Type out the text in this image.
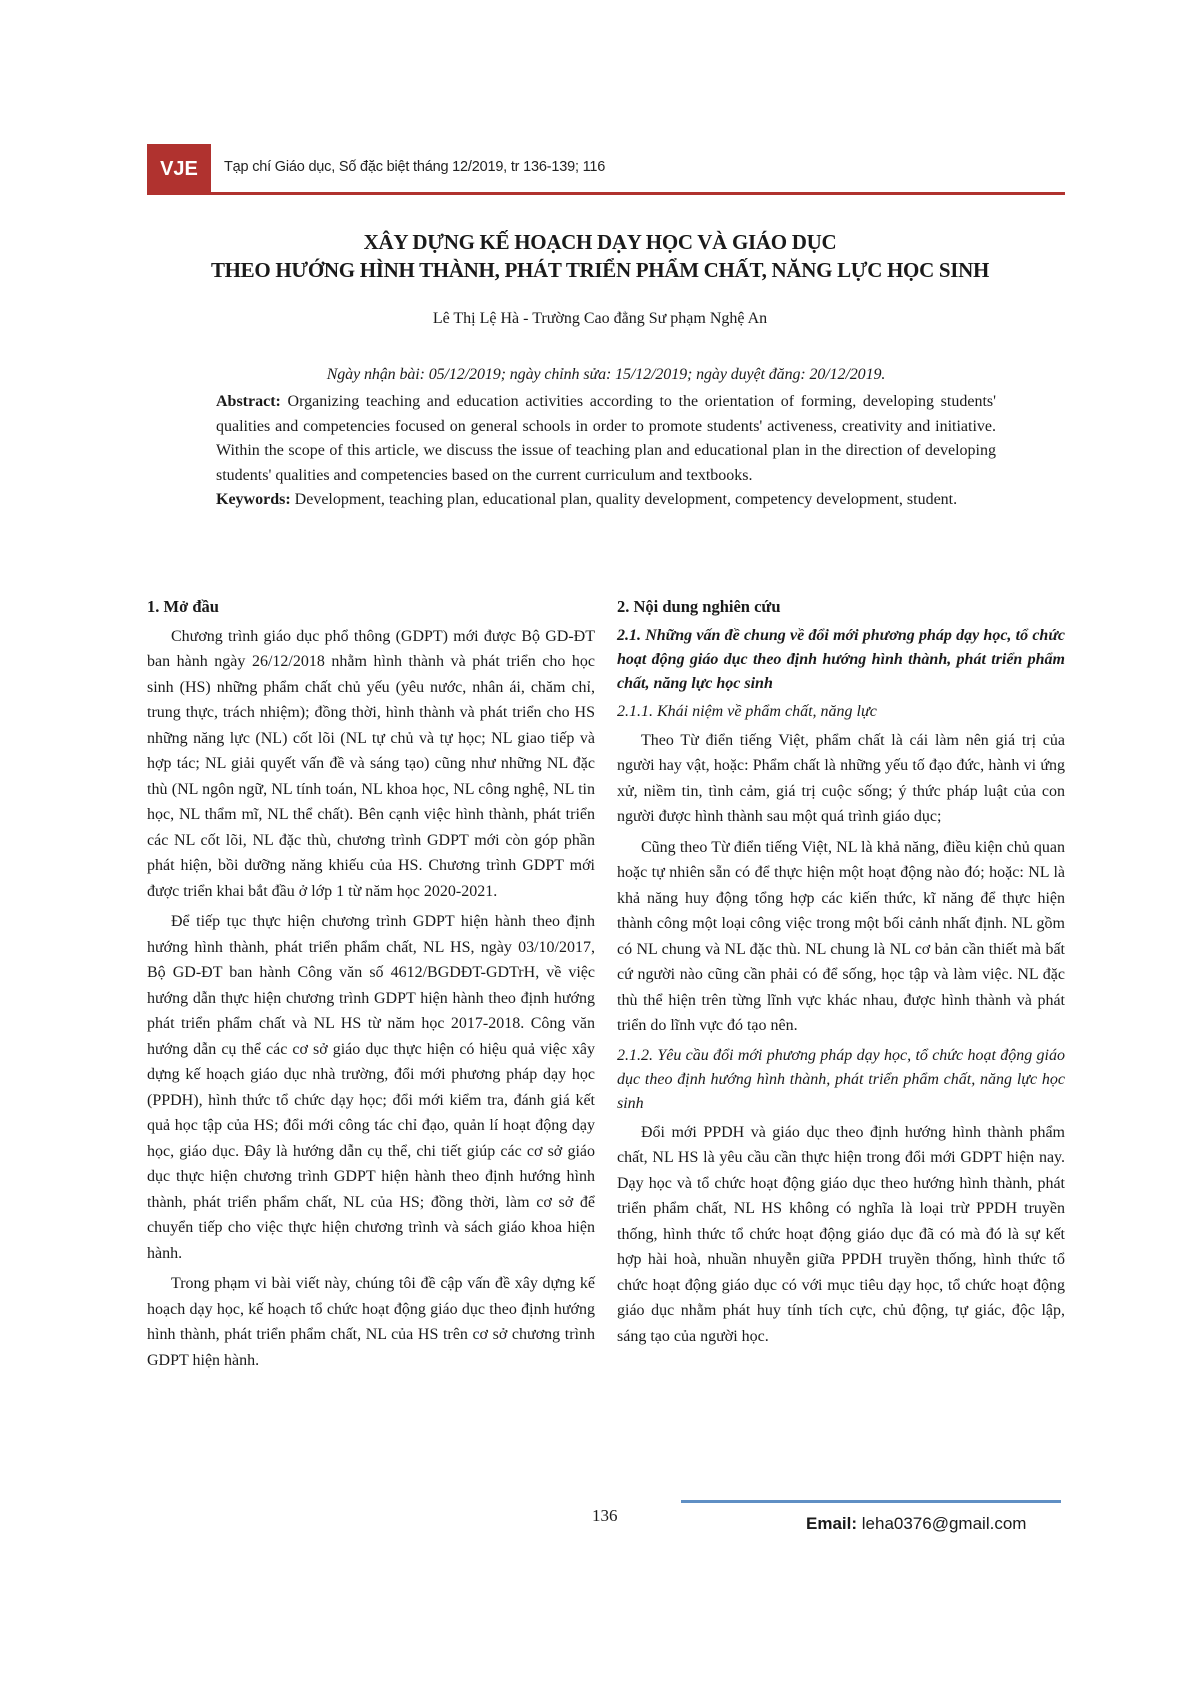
VJE Tạp chí Giáo dục, Số đặc biệt tháng 12/2019, tr 136-139; 116
XÂY DỰNG KẾ HOẠCH DẠY HỌC VÀ GIÁO DỤC
THEO HƯỚNG HÌNH THÀNH, PHÁT TRIỂN PHẨM CHẤT, NĂNG LỰC HỌC SINH
Lê Thị Lệ Hà - Trường Cao đẳng Sư phạm Nghệ An
Ngày nhận bài: 05/12/2019; ngày chỉnh sửa: 15/12/2019; ngày duyệt đăng: 20/12/2019.

Abstract: Organizing teaching and education activities according to the orientation of forming, developing students' qualities and competencies focused on general schools in order to promote students' activeness, creativity and initiative. Within the scope of this article, we discuss the issue of teaching plan and educational plan in the direction of developing students' qualities and competencies based on the current curriculum and textbooks.

Keywords: Development, teaching plan, educational plan, quality development, competency development, student.

1. Mở đầu

Chương trình giáo dục phổ thông (GDPT) mới được Bộ GD-ĐT ban hành ngày 26/12/2018 nhằm hình thành và phát triển cho học sinh (HS) những phẩm chất chủ yếu (yêu nước, nhân ái, chăm chỉ, trung thực, trách nhiệm); đồng thời, hình thành và phát triển cho HS những năng lực (NL) cốt lõi (NL tự chủ và tự học; NL giao tiếp và hợp tác; NL giải quyết vấn đề và sáng tạo) cũng như những NL đặc thù (NL ngôn ngữ, NL tính toán, NL khoa học, NL công nghệ, NL tin học, NL thẩm mĩ, NL thể chất). Bên cạnh việc hình thành, phát triển các NL cốt lõi, NL đặc thù, chương trình GDPT mới còn góp phần phát hiện, bồi dưỡng năng khiếu của HS. Chương trình GDPT mới được triển khai bắt đầu ở lớp 1 từ năm học 2020-2021.

Để tiếp tục thực hiện chương trình GDPT hiện hành theo định hướng hình thành, phát triển phẩm chất, NL HS, ngày 03/10/2017, Bộ GD-ĐT ban hành Công văn số 4612/BGDĐT-GDTrH, về việc hướng dẫn thực hiện chương trình GDPT hiện hành theo định hướng phát triển phẩm chất và NL HS từ năm học 2017-2018. Công văn hướng dẫn cụ thể các cơ sở giáo dục thực hiện có hiệu quả việc xây dựng kế hoạch giáo dục nhà trường, đổi mới phương pháp dạy học (PPDH), hình thức tổ chức dạy học; đổi mới kiểm tra, đánh giá kết quả học tập của HS; đổi mới công tác chỉ đạo, quản lí hoạt động dạy học, giáo dục. Đây là hướng dẫn cụ thể, chi tiết giúp các cơ sở giáo dục thực hiện chương trình GDPT hiện hành theo định hướng hình thành, phát triển phẩm chất, NL của HS; đồng thời, làm cơ sở để chuyển tiếp cho việc thực hiện chương trình và sách giáo khoa hiện hành.

Trong phạm vi bài viết này, chúng tôi đề cập vấn đề xây dựng kế hoạch dạy học, kế hoạch tổ chức hoạt động giáo dục theo định hướng hình thành, phát triển phẩm chất, NL của HS trên cơ sở chương trình GDPT hiện hành.

2. Nội dung nghiên cứu
2.1. Những vấn đề chung về đổi mới phương pháp dạy học, tổ chức hoạt động giáo dục theo định hướng hình thành, phát triển phẩm chất, năng lực học sinh
2.1.1. Khái niệm về phẩm chất, năng lực

Theo Từ điển tiếng Việt, phẩm chất là cái làm nên giá trị của người hay vật, hoặc: Phẩm chất là những yếu tố đạo đức, hành vi ứng xử, niềm tin, tình cảm, giá trị cuộc sống; ý thức pháp luật của con người được hình thành sau một quá trình giáo dục;

Cũng theo Từ điển tiếng Việt, NL là khả năng, điều kiện chủ quan hoặc tự nhiên sẵn có để thực hiện một hoạt động nào đó; hoặc: NL là khả năng huy động tổng hợp các kiến thức, kĩ năng để thực hiện thành công một loại công việc trong một bối cảnh nhất định. NL gồm có NL chung và NL đặc thù. NL chung là NL cơ bản cần thiết mà bất cứ người nào cũng cần phải có để sống, học tập và làm việc. NL đặc thù thể hiện trên từng lĩnh vực khác nhau, được hình thành và phát triển do lĩnh vực đó tạo nên.

2.1.2. Yêu cầu đổi mới phương pháp dạy học, tổ chức hoạt động giáo dục theo định hướng hình thành, phát triển phẩm chất, năng lực học sinh

Đổi mới PPDH và giáo dục theo định hướng hình thành phẩm chất, NL HS là yêu cầu cần thực hiện trong đổi mới GDPT hiện nay. Dạy học và tổ chức hoạt động giáo dục theo hướng hình thành, phát triển phẩm chất, NL HS không có nghĩa là loại trừ PPDH truyền thống, hình thức tổ chức hoạt động giáo dục đã có mà đó là sự kết hợp hài hoà, nhuần nhuyễn giữa PPDH truyền thống, hình thức tổ chức hoạt động giáo dục có với mục tiêu dạy học, tổ chức hoạt động giáo dục nhằm phát huy tính tích cực, chủ động, tự giác, độc lập, sáng tạo của người học.

136	Email: leha0376@gmail.com
